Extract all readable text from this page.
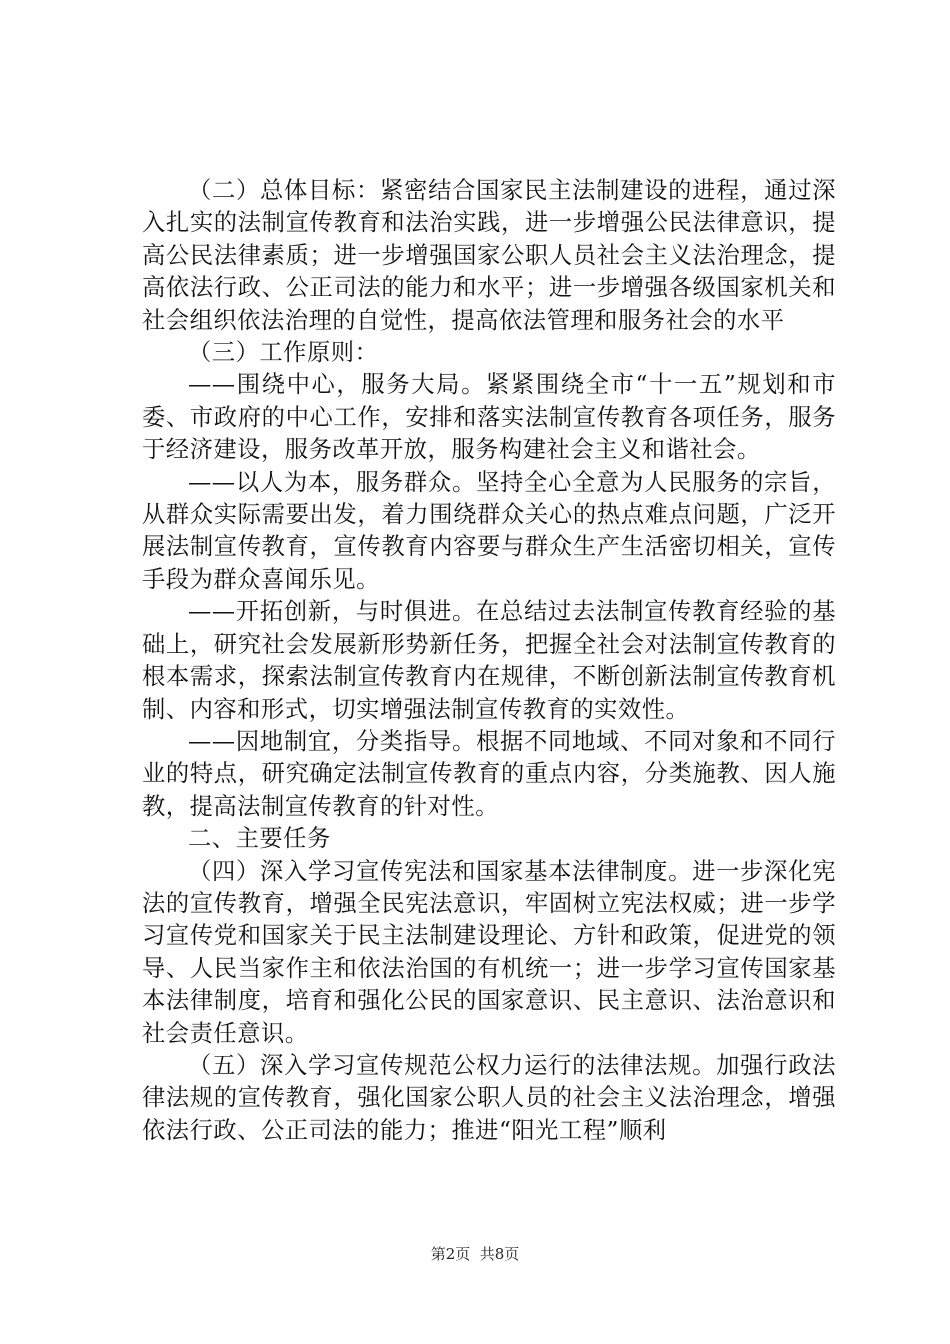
（二）总体目标：紧密结合国家民主法制建设的进程，通过深入扎实的法制宣传教育和法治实践，进一步增强公民法律意识，提高公民法律素质；进一步增强国家公职人员社会主义法治理念，提高依法行政、公正司法的能力和水平；进一步增强各级国家机关和社会组织依法治理的自觉性，提高依法管理和服务社会的水平

（三）工作原则：

——围绕中心，服务大局。紧紧围绕全市“十一五”规划和市委、市政府的中心工作，安排和落实法制宣传教育各项任务，服务于经济建设，服务改革开放，服务构建社会主义和谐社会。

——以人为本，服务群众。坚持全心全意为人民服务的宗旨，从群众实际需要出发，着力围绕群众关心的热点难点问题，广泛开展法制宣传教育，宣传教育内容要与群众生产生活密切相关，宣传手段为群众喜闻乐见。

——开拓创新，与时俱进。在总结过去法制宣传教育经验的基础上，研究社会发展新形势新任务，把握全社会对法制宣传教育的根本需求，探索法制宣传教育内在规律，不断创新法制宣传教育机制、内容和形式，切实增强法制宣传教育的实效性。

——因地制宜，分类指导。根据不同地域、不同对象和不同行业的特点，研究确定法制宣传教育的重点内容，分类施教、因人施教，提高法制宣传教育的针对性。

二、主要任务

（四）深入学习宣传宪法和国家基本法律制度。进一步深化宪法的宣传教育，增强全民宪法意识，牢固树立宪法权威；进一步学习宣传党和国家关于民主法制建设理论、方针和政策，促进党的领导、人民当家作主和依法治国的有机统一；进一步学习宣传国家基本法律制度，培育和强化公民的国家意识、民主意识、法治意识和社会责任意识。

（五）深入学习宣传规范公权力运行的法律法规。加强行政法律法规的宣传教育，强化国家公职人员的社会主义法治理念，增强依法行政、公正司法的能力；推进“阳光工程”顺利

第2页  共8页
